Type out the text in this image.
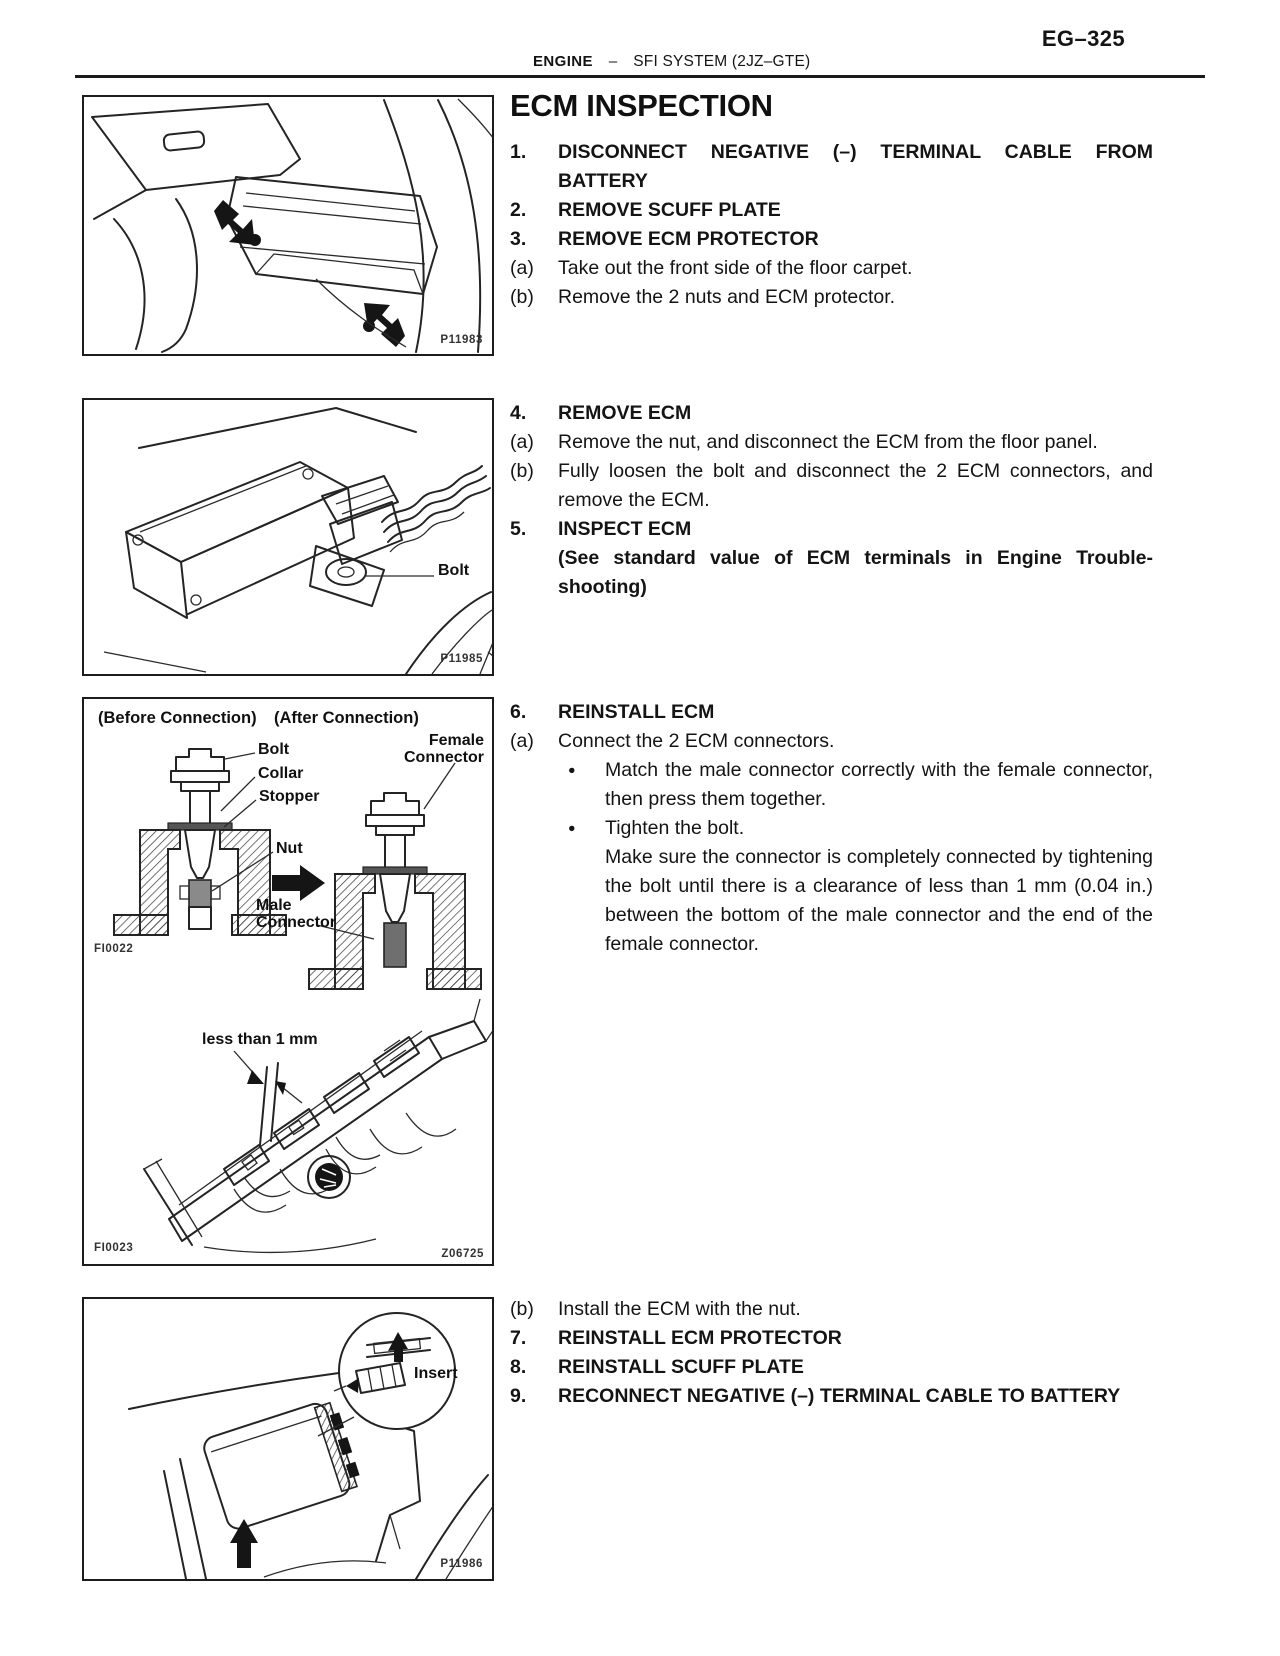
EG–325
ENGINE – SFI SYSTEM (2JZ–GTE)
P11983
Bolt
P11985
(Before Connection) (After Connection)
Female
Connector
Bolt
Collar
Stopper
Nut
Male
Connector
less than 1 mm
FI0022
FI0023	Z06725
Insert
P11986
ECM INSPECTION
1.	DISCONNECT NEGATIVE (–) TERMINAL CABLE FROM BATTERY
2.	REMOVE SCUFF PLATE
3.	REMOVE ECM PROTECTOR
(a)	Take out the front side of the floor carpet.
(b)	Remove the 2 nuts and ECM protector.
4.	REMOVE ECM
(a)	Remove the nut, and disconnect the ECM from the floor panel.
(b)	Fully loosen the bolt and disconnect the 2 ECM connectors, and remove the ECM.
5.	INSPECT ECM
(See standard value of ECM terminals in Engine Trouble-shooting)
6.	REINSTALL ECM
(a)	Connect the 2 ECM connectors.
●	Match the male connector correctly with the female connector, then press them together.
●	Tighten the bolt.
Make sure the connector is completely connected by tightening the bolt until there is a clearance of less than 1 mm (0.04 in.) between the bottom of the male connector and the end of the female connector.
(b)	Install the ECM with the nut.
7.	REINSTALL ECM PROTECTOR
8.	REINSTALL SCUFF PLATE
9.	RECONNECT NEGATIVE (–) TERMINAL CABLE TO BATTERY
